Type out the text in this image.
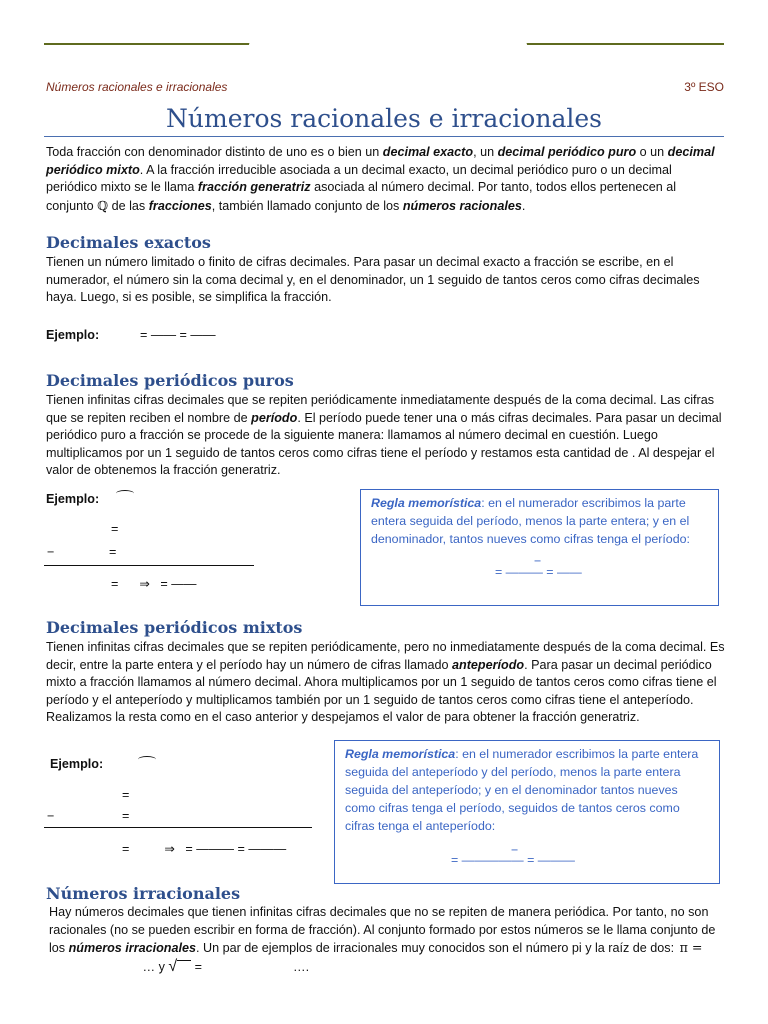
Números racionales e irracionales	3º ESO
Números racionales e irracionales
Toda fracción con denominador distinto de uno es o bien un decimal exacto, un decimal periódico puro o un decimal periódico mixto. A la fracción irreducible asociada a un decimal exacto, un decimal periódico puro o un decimal periódico mixto se le llama fracción generatriz asociada al número decimal. Por tanto, todos ellos pertenecen al conjunto ℚ de las fracciones, también llamado conjunto de los números racionales.
Decimales exactos
Tienen un número limitado o finito de cifras decimales. Para pasar un decimal exacto a fracción se escribe, en el numerador, el número sin la coma decimal y, en el denominador, un 1 seguido de tantos ceros como cifras decimales haya. Luego, si es posible, se simplifica la fracción.
Ejemplo:	= —— = ——
Decimales periódicos puros
Tienen infinitas cifras decimales que se repiten periódicamente inmediatamente después de la coma decimal. Las cifras que se repiten reciben el nombre de período. El período puede tener una o más cifras decimales. Para pasar un decimal periódico puro a fracción se procede de la siguiente manera: llamamos al número decimal en cuestión. Luego multiplicamos por un 1 seguido de tantos ceros como cifras tiene el período y restamos esta cantidad de . Al despejar el valor de obtenemos la fracción generatriz.
Ejemplo:
=
−	=
=      ⇒   = ——
Regla memorística: en el numerador escribimos la parte entera seguida del período, menos la parte entera; y en el denominador, tantos nueves como cifras tenga el período:
−
= ——— = ——
Decimales periódicos mixtos
Tienen infinitas cifras decimales que se repiten periódicamente, pero no inmediatamente después de la coma decimal. Es decir, entre la parte entera y el período hay un número de cifras llamado anteperíodo. Para pasar un decimal periódico mixto a fracción llamamos al número decimal. Ahora multiplicamos por un 1 seguido de tantos ceros como cifras tiene el período y el anteperíodo y multiplicamos también por un 1 seguido de tantos ceros como cifras tiene el anteperíodo. Realizamos la resta como en el caso anterior y despejamos el valor de para obtener la fracción generatriz.
Ejemplo:
=
−	=
=          ⇒   = ——— = ———
Regla memorística: en el numerador escribimos la parte entera seguida del anteperíodo y del período, menos la parte entera seguida del anteperíodo; y en el denominador tantos nueves como cifras tenga el período, seguidos de tantos ceros como cifras tenga el anteperíodo:
−
= ————— = ———
Números irracionales
Hay números decimales que tienen infinitas cifras decimales que no se repiten de manera periódica. Por tanto, no son racionales (no se pueden escribir en forma de fracción). Al conjunto formado por estos números se le llama conjunto de los números irracionales. Un par de ejemplos de irracionales muy conocidos son el número pi y la raíz de dos: π =  … y √ =	….
